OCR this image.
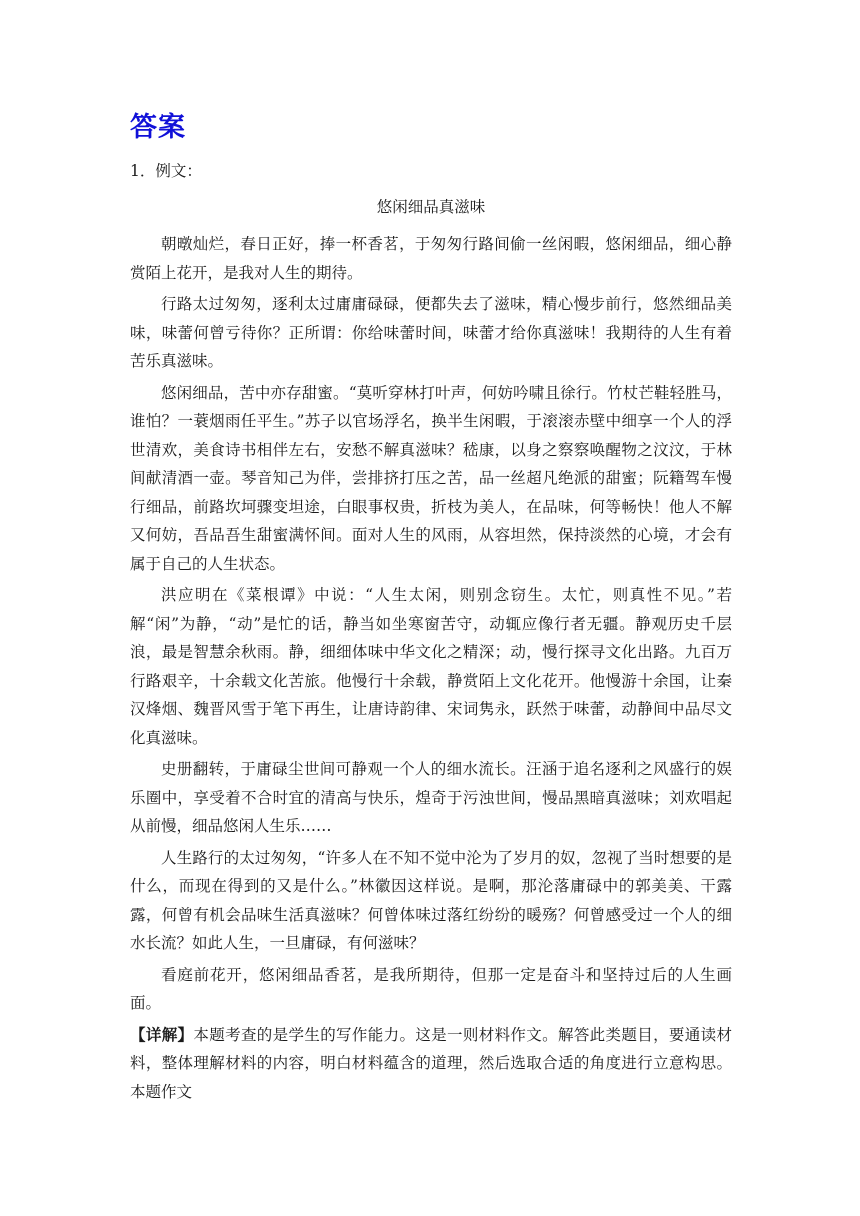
答案
1．例文：
悠闲细品真滋味

朝暾灿烂，春日正好，捧一杯香茗，于匆匆行路间偷一丝闲暇，悠闲细品，细心静赏陌上花开，是我对人生的期待。

行路太过匆匆，逐利太过庸庸碌碌，便都失去了滋味，精心慢步前行，悠然细品美味，味蕾何曾亏待你？正所谓：你给味蕾时间，味蕾才给你真滋味！我期待的人生有着苦乐真滋味。

悠闲细品，苦中亦存甜蜜。“莫听穿林打叶声，何妨吟啸且徐行。竹杖芒鞋轻胜马，谁怕？一蓑烟雨任平生。”苏子以官场浮名，换半生闲暇，于滚滚赤壁中细享一个人的浮世清欢，美食诗书相伴左右，安愁不解真滋味？嵇康，以身之察察唤醒物之汶汶，于林间献清酒一壶。琴音知己为伴，尝排挤打压之苦，品一丝超凡绝派的甜蜜；阮籍驾车慢行细品，前路坎坷骤变坦途，白眼事权贵，折枝为美人，在品味，何等畅快！他人不解又何妨，吾品吾生甜蜜满怀间。面对人生的风雨，从容坦然，保持淡然的心境，才会有属于自己的人生状态。

洪应明在《菜根谭》中说：“人生太闲，则别念窃生。太忙，则真性不见。”若解“闲”为静，“动”是忙的话，静当如坐寒窗苦守，动辄应像行者无疆。静观历史千层浪，最是智慧余秋雨。静，细细体味中华文化之精深；动，慢行探寻文化出路。九百万行路艰辛，十余载文化苦旅。他慢行十余载，静赏陌上文化花开。他慢游十余国，让秦汉烽烟、魏晋风雪于笔下再生，让唐诗韵律、宋词隽永，跃然于味蕾，动静间中品尽文化真滋味。

史册翻转，于庸碌尘世间可静观一个人的细水流长。汪涵于追名逐利之风盛行的娱乐圈中，享受着不合时宜的清高与快乐，煌奇于污浊世间，慢品黑暗真滋味；刘欢唱起从前慢，细品悠闲人生乐……

人生路行的太过匆匆，“许多人在不知不觉中沦为了岁月的奴，忽视了当时想要的是什么，而现在得到的又是什么。”林徽因这样说。是啊，那沦落庸碌中的郭美美、干露露，何曾有机会品味生活真滋味？何曾体味过落红纷纷的暖殇？何曾感受过一个人的细水长流？如此人生，一旦庸碌，有何滋味？

看庭前花开，悠闲细品香茗，是我所期待，但那一定是奋斗和坚持过后的人生画面。

【详解】本题考查的是学生的写作能力。这是一则材料作文。解答此类题目，要通读材料，整体理解材料的内容，明白材料蕴含的道理，然后选取合适的角度进行立意构思。本题作文
